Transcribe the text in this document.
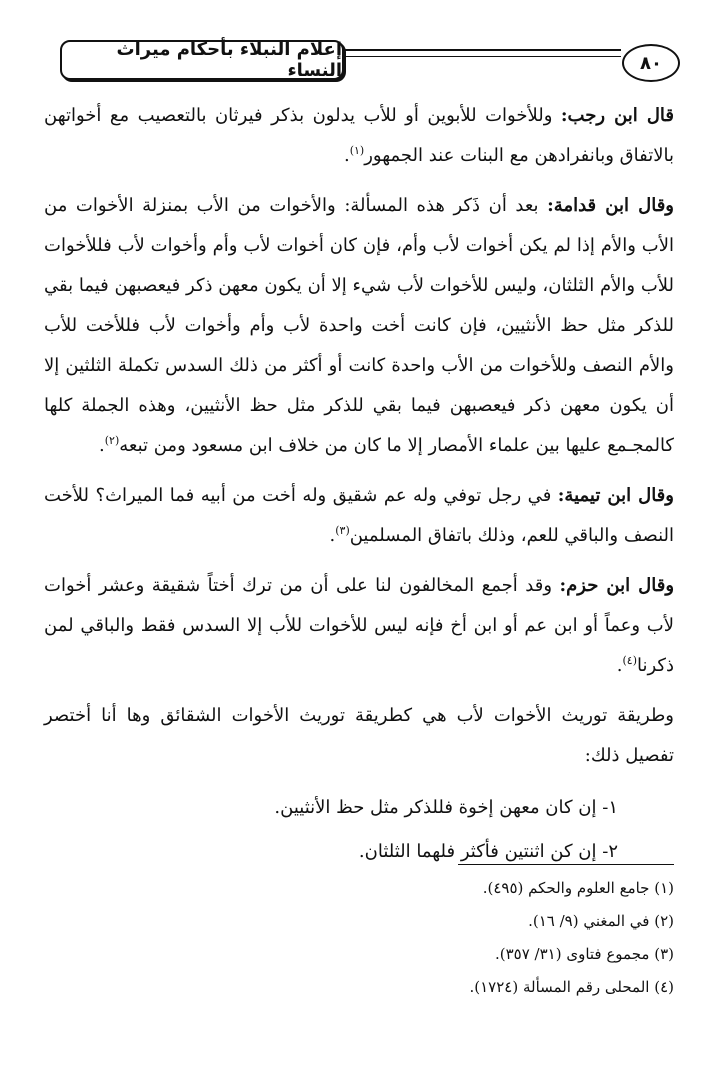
إعلام النبلاء بأحكام ميراث النساء	٨٠

قال ابن رجب: وللأخوات للأبوين أو للأب يدلون بذكر فيرثان بالتعصيب مع أخواتهن بالاتفاق وبانفرادهن مع البنات عند الجمهور$^{(١)}$.

وقال ابن قدامة: بعد أن ذَكر هذه المسألة: والأخوات من الأب بمنزلة الأخوات من الأب والأم إذا لم يكن أخوات لأب وأم، فإن كان أخوات لأب وأم وأخوات لأب فللأخوات للأب والأم الثلثان، وليس للأخوات لأب شيء إلا أن يكون معهن ذكر فيعصبهن فيما بقي للذكر مثل حظ الأنثيين، فإن كانت أخت واحدة لأب وأم وأخوات لأب فللأخت للأب والأم النصف وللأخوات من الأب واحدة كانت أو أكثر من ذلك السدس تكملة الثلثين إلا أن يكون معهن ذكر فيعصبهن فيما بقي للذكر مثل حظ الأنثيين، وهذه الجملة كلها كالمجـمع عليها بين علماء الأمصار إلا ما كان من خلاف ابن مسعود ومن تبعه$^{(٢)}$.

وقال ابن تيمية: في رجل توفي وله عم شقيق وله أخت من أبيه فما الميراث؟ للأخت النصف والباقي للعم، وذلك باتفاق المسلمين$^{(٣)}$.

وقال ابن حزم: وقد أجمع المخالفون لنا على أن من ترك أختاً شقيقة وعشر أخوات لأب وعماً أو ابن عم أو ابن أخ فإنه ليس للأخوات للأب إلا السدس فقط والباقي لمن ذكرنا$^{(٤)}$.

وطريقة توريث الأخوات لأب هي كطريقة توريث الأخوات الشقائق وها أنا أختصر تفصيل ذلك:

١- إن كان معهن إخوة فللذكر مثل حظ الأنثيين.

٢- إن كن اثنتين فأكثر فلهما الثلثان.

(١) جامع العلوم والحكم (٤٩٥).

(٢) في المغني (٩/ ١٦).

(٣) مجموع فتاوى (٣١/ ٣٥٧).

(٤) المحلى رقم المسألة (١٧٢٤).
